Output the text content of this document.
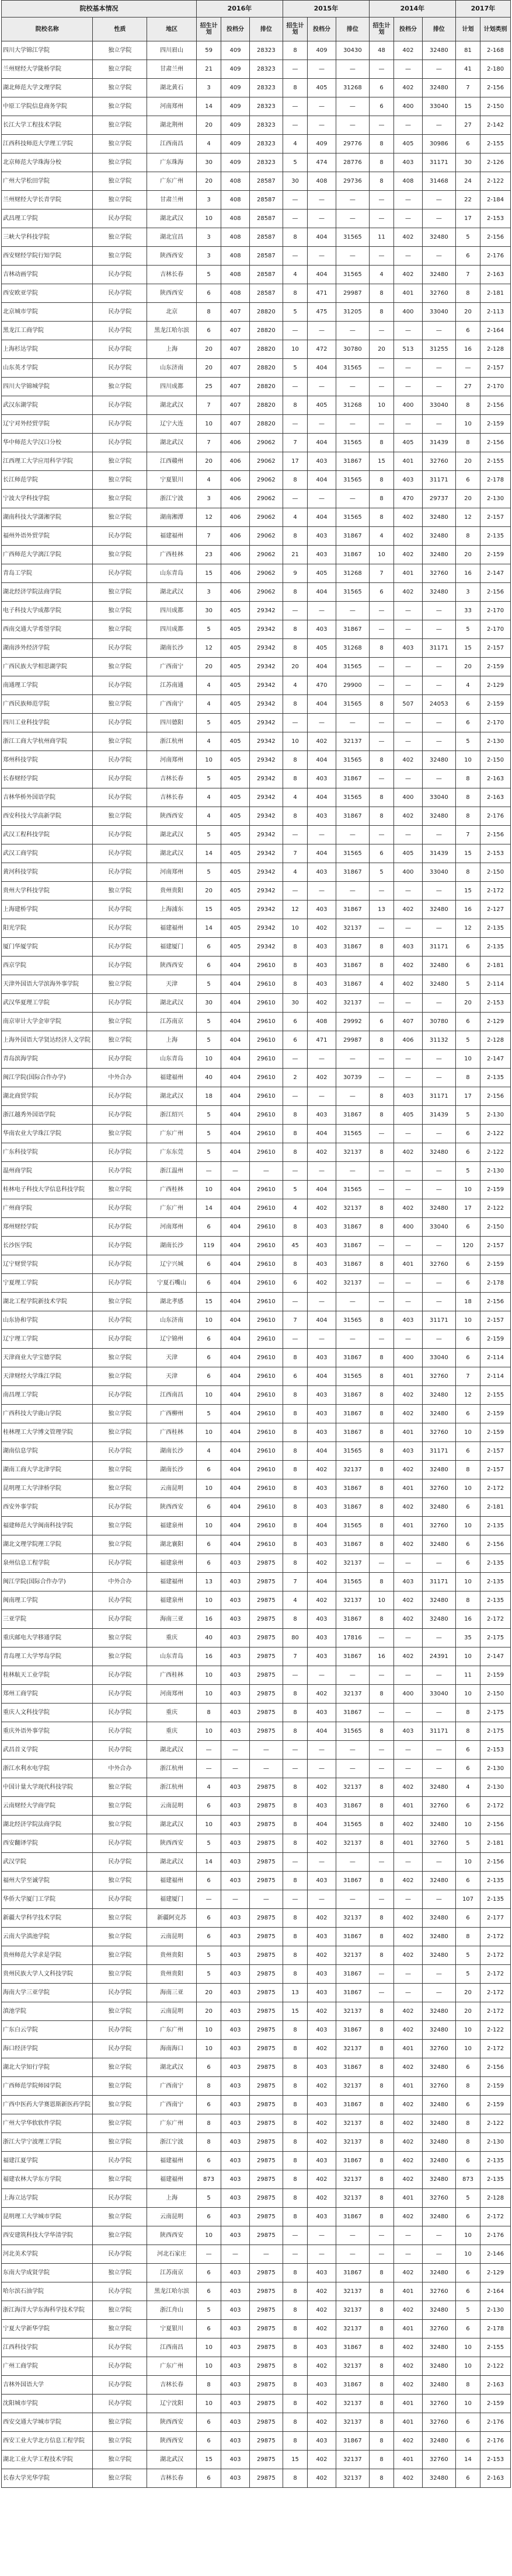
院校基本情况			2016年			2015年			2014年			2017年	
院校名称	性质	地区	招生计划	投档分	排位	招生计划	投档分	排位	招生计划	投档分	排位	计划	计划类别
四川大学锦江学院	独立学院	四川眉山	59	409	28323	8	409	30430	48	402	32480	81	2-168
兰州财经大学陇桥学院	独立学院	甘肃兰州	21	409	28323	—	—	—	—	—	—	41	2-180
湖北师范大学文理学院	独立学院	湖北黄石	3	409	28323	8	405	31268	6	402	32480	7	2-156
中原工学院信息商务学院	独立学院	河南郑州	14	409	28323	—	—	—	6	400	33040	15	2-150
长江大学工程技术学院	独立学院	湖北荆州	20	409	28323	—	—	—	—	—	—	27	2-142
江西科技师范大学理工学院	独立学院	江西南昌	4	409	28323	4	409	29776	8	405	30986	6	2-155
北京师范大学珠海分校	独立学院	广东珠海	30	409	28323	5	474	28776	8	403	31171	30	2-126
广州大学松田学院	独立学院	广东广州	20	408	28587	30	408	29736	8	408	31468	24	2-122
兰州财经大学长青学院	独立学院	甘肃兰州	3	408	28587	—	—	—	—	—	—	22	2-184
武昌理工学院	民办学院	湖北武汉	10	408	28587	—	—	—	—	—	—	17	2-153
三峡大学科技学院	独立学院	湖北宜昌	3	408	28587	8	404	31565	11	402	32480	5	2-156
西安财经学院行知学院	独立学院	陕西西安	3	408	28587	—	—	—	—	—	—	6	2-176
吉林动画学院	民办学院	吉林长春	5	408	28587	4	404	31565	4	402	32480	7	2-163
西安欧亚学院	民办学院	陕西西安	6	408	28587	8	471	29987	8	401	32760	8	2-181
北京城市学院	民办学院	北京	8	407	28820	5	475	31205	8	400	33040	20	2-113
黑龙江工商学院	民办学院	黑龙江哈尔滨	6	407	28820	—	—	—	—	—	—	6	2-164
上海杉达学院	民办学院	上海	20	407	28820	10	472	30780	20	513	31255	16	2-128
山东英才学院	民办学院	山东济南	20	407	28820	5	404	31565	—	—	—	—	2-157
四川大学锦城学院	独立学院	四川成都	25	407	28820	—	—	—	—	—	—	27	2-170
武汉东湖学院	民办学院	湖北武汉	7	407	28820	8	405	31268	10	400	33040	8	2-156
辽宁对外经贸学院	民办学院	辽宁大连	10	407	28820	—	—	—	—	—	—	10	2-159
华中师范大学汉口分校	民办学院	湖北武汉	7	406	29062	7	404	31565	8	405	31439	8	2-156
江西理工大学应用科学学院	独立学院	江西赣州	20	406	29062	17	403	31867	15	401	32760	20	2-155
长江师范学院	独立学院	宁夏银川	4	406	29062	8	404	31565	8	403	31171	6	2-178
宁波大学科技学院	独立学院	浙江宁波	3	406	29062	—	—	—	8	470	29737	20	2-130
湖南科技大学潇湘学院	独立学院	湖南湘潭	12	406	29062	4	404	31565	8	402	32480	12	2-157
福州外语外贸学院	民办学院	福建福州	7	406	29062	8	403	31867	4	402	32480	8	2-135
广西师范大学漓江学院	独立学院	广西桂林	23	406	29062	21	403	31867	10	402	32480	20	2-159
青岛工学院	民办学院	山东青岛	15	406	29062	9	405	31268	7	401	32760	16	2-147
湖北经济学院法商学院	独立学院	湖北武汉	3	406	29062	8	404	31565	6	402	32480	3	2-156
电子科技大学成都学院	独立学院	四川成都	30	405	29342	—	—	—	—	—	—	33	2-170
西南交通大学希望学院	独立学院	四川成都	5	405	29342	8	403	31867	—	—	—	5	2-170
湖南涉外经济学院	民办学院	湖南长沙	12	405	29342	8	405	31268	8	403	31171	15	2-157
广西民族大学相思湖学院	独立学院	广西南宁	20	405	29342	20	404	31565	—	—	—	20	2-159
南通理工学院	民办学院	江苏南通	4	405	29342	4	470	29900	—	—	—	4	2-129
广西民族师范学院	独立学院	广西南宁	4	405	29342	8	404	31565	8	507	24053	6	2-159
四川工业科技学院	民办学院	四川德阳	5	405	29342	—	—	—	—	—	—	6	2-170
浙江工商大学杭州商学院	独立学院	浙江杭州	4	405	29342	10	402	32137	—	—	—	5	2-130
郑州科技学院	民办学院	河南郑州	10	405	29342	8	404	31565	8	402	32480	10	2-150
长春财经学院	民办学院	吉林长春	5	405	29342	8	403	31867	—	—	—	8	2-163
吉林华桥外国语学院	民办学院	吉林长春	4	405	29342	4	404	31565	8	400	33040	8	2-163
西安科技大学高新学院	独立学院	陕西西安	4	405	29342	8	403	31867	8	402	32480	8	2-176
武汉工程科技学院	民办学院	湖北武汉	5	405	29342	—	—	—	—	—	—	7	2-156
武汉工商学院	民办学院	湖北武汉	14	405	29342	7	404	31565	6	405	31439	15	2-153
黄河科技学院	民办学院	河南郑州	5	405	29342	4	403	31867	5	400	33040	8	2-150
贵州大学科技学院	独立学院	贵州贵阳	20	405	29342	—	—	—	—	—	—	15	2-172
上海建桥学院	民办学院	上海浦东	15	405	29342	12	403	31867	13	402	32480	16	2-127
阳光学院	民办学院	福建福州	14	405	29342	10	402	32137	—	—	—	12	2-135
厦门华厦学院	民办学院	福建厦门	6	405	29342	8	403	31867	8	403	31171	6	2-135
西京学院	民办学院	陕西西安	6	404	29610	8	403	31867	8	402	32480	6	2-181
天津外国语大学滨海外事学院	独立学院	天津	5	404	29610	8	403	31867	4	402	32480	5	2-114
武汉华夏理工学院	民办学院	湖北武汉	30	404	29610	30	402	32137	—	—	—	20	2-153
南京审计大学金审学院	独立学院	江苏南京	5	404	29610	6	408	29992	6	407	30780	6	2-129
上海外国语大学贤达经济人文学院	独立学院	上海	5	404	29610	6	471	29987	8	406	31132	5	2-128
青岛滨海学院	民办学院	山东青岛	10	404	29610	—	—	—	—	—	—	10	2-147
闽江学院(国际合作办学)	中外合办	福建福州	40	404	29610	2	402	30739	—	—	—	8	2-135
湖北商贸学院	民办学院	湖北武汉	18	404	29610	—	—	—	8	403	31171	17	2-156
浙江越秀外国语学院	民办学院	浙江绍兴	5	404	29610	8	403	31867	8	405	31439	5	2-130
华南农业大学珠江学院	独立学院	广东广州	5	404	29610	8	404	31565	—	—	—	6	2-122
广东科技学院	民办学院	广东东莞	5	404	29610	8	402	32137	8	402	32480	6	2-122
温州商学院	民办学院	浙江温州	—	—	—	—	—	—	—	—	—	5	2-130
桂林电子科技大学信息科技学院	独立学院	广西桂林	10	404	29610	5	404	31565	—	—	—	10	2-159
广州商学院	民办学院	广东广州	14	404	29610	4	402	32137	8	402	32480	17	2-122
郑州财经学院	民办学院	河南郑州	6	404	29610	8	403	31867	8	400	33040	6	2-150
长沙医学院	民办学院	湖南长沙	119	404	29610	45	403	31867	—	—	—	120	2-157
辽宁财贸学院	民办学院	辽宁兴城	6	404	29610	8	403	31867	8	401	32760	6	2-159
宁夏理工学院	民办学院	宁夏石嘴山	6	404	29610	6	402	32137	—	—	—	6	2-178
湖北工程学院新技术学院	独立学院	湖北孝感	15	404	29610	—	—	—	—	—	—	18	2-156
山东协和学院	民办学院	山东济南	10	404	29610	7	404	31565	8	403	31171	10	2-157
辽宁理工学院	民办学院	辽宁锦州	6	404	29610	—	—	—	—	—	—	6	2-159
天津商业大学宝德学院	独立学院	天津	6	404	29610	8	403	31867	8	400	33040	6	2-114
天津财经大学珠江学院	独立学院	天津	6	404	29610	6	404	31565	8	401	32760	7	2-114
南昌理工学院	民办学院	江西南昌	10	404	29610	8	403	31867	8	402	32480	12	2-155
广西科技大学鹿山学院	独立学院	广西柳州	5	404	29610	8	403	31867	8	402	32480	6	2-159
桂林理工大学博文管理学院	独立学院	广西桂林	10	404	29610	8	403	31867	8	401	32760	10	2-159
湖南信息学院	民办学院	湖南长沙	4	404	29610	8	404	31565	8	403	31171	6	2-157
湖南工商大学北津学院	独立学院	湖南长沙	6	404	29610	8	402	32137	8	402	32480	8	2-157
昆明理工大学津桥学院	独立学院	云南昆明	10	404	29610	8	403	31867	8	401	32760	10	2-172
西安外事学院	民办学院	陕西西安	6	404	29610	8	403	31867	8	402	32480	6	2-181
福建师范大学闽南科技学院	独立学院	福建泉州	10	404	29610	8	404	31565	8	401	32760	10	2-135
湖北文理学院理工学院	独立学院	湖北襄阳	6	404	29610	8	403	31867	8	402	32480	6	2-156
泉州信息工程学院	民办学院	福建泉州	6	403	29875	8	402	32137	—	—	—	6	2-135
闽江学院(国际合作办学)	中外合办	福建福州	13	403	29875	7	404	31565	8	403	31171	10	2-135
闽南理工学院	民办学院	福建泉州	10	403	29875	4	402	32137	10	402	32480	8	2-135
三亚学院	民办学院	海南三亚	16	403	29875	8	403	31867	8	402	32480	16	2-172
重庆邮电大学移通学院	独立学院	重庆	40	403	29875	80	403	17816	—	—	—	35	2-175
青岛理工大学琴岛学院	独立学院	山东青岛	16	403	29875	7	403	31867	16	402	24391	10	2-147
桂林航天工业学院	民办学院	广西桂林	10	403	29875	—	—	—	—	—	—	11	2-159
郑州工商学院	民办学院	河南郑州	10	403	29875	8	402	32137	8	400	33040	10	2-150
重庆人文科技学院	民办学院	重庆	8	403	29875	8	403	31867	—	—	—	8	2-175
重庆外语外事学院	民办学院	重庆	10	403	29875	8	404	31565	8	403	31171	8	2-175
武昌首义学院	民办学院	湖北武汉	—	—	—	—	—	—	—	—	—	6	2-153
浙江水利水电学院	中外合办	浙江杭州	—	—	—	—	—	—	—	—	—	6	2-130
中国计量大学现代科技学院	独立学院	浙江杭州	4	403	29875	8	402	32137	8	402	32480	4	2-130
云南财经大学商学院	独立学院	云南昆明	6	403	29875	8	403	31867	8	401	32760	6	2-172
湖北经济学院法商学院	独立学院	湖北武汉	10	403	29875	8	404	31565	8	402	32480	10	2-156
西安翻译学院	民办学院	陕西西安	5	403	29875	8	402	32137	8	401	32760	5	2-181
武汉学院	民办学院	湖北武汉	14	403	29875	—	—	—	—	—	—	10	2-156
福州大学至诚学院	独立学院	福建福州	6	403	29875	8	403	31867	8	402	32480	6	2-135
华侨大学厦门工学院	民办学院	福建厦门	—	—	—	—	—	—	—	—	—	107	2-135
新疆大学科学技术学院	独立学院	新疆阿克苏	6	403	29875	8	402	32137	8	402	32480	6	2-177
云南大学滇池学院	独立学院	云南昆明	6	403	29875	8	403	31867	8	402	32480	8	2-172
贵州师范大学求是学院	独立学院	贵州贵阳	5	403	29875	8	402	32137	8	402	32480	5	2-172
贵州民族大学人文科技学院	独立学院	贵州贵阳	5	403	29875	8	403	31867	—	—	—	5	2-172
海南大学三亚学院	民办学院	海南三亚	20	403	29875	13	403	31867	—	—	—	20	2-172
滇池学院	独立学院	云南昆明	20	403	29875	15	402	32137	8	402	32480	20	2-172
广东白云学院	民办学院	广东广州	10	403	29875	8	403	31867	8	402	32480	10	2-122
海口经济学院	民办学院	海南海口	10	403	29875	8	402	32137	8	401	32760	10	2-172
湖北大学知行学院	独立学院	湖北武汉	6	403	29875	8	403	31867	8	402	32480	6	2-156
广西师范学院师园学院	独立学院	广西南宁	8	403	29875	8	402	32137	8	401	32760	8	2-159
广西中医药大学赛恩斯新医药学院	独立学院	广西南宁	6	403	29875	8	403	31867	8	402	32480	6	2-159
广州大学华软软件学院	独立学院	广东广州	8	403	29875	8	402	32137	8	402	32480	8	2-122
浙江大学宁波理工学院	独立学院	浙江宁波	8	403	29875	8	402	32137	8	402	32480	8	2-130
福建江夏学院	民办学院	福建福州	6	403	29875	8	403	31867	8	402	32480	6	2-135
福建农林大学东方学院	独立学院	福建福州	873	403	29875	8	402	32137	8	402	32480	873	2-135
上海立达学院	民办学院	上海	5	403	29875	8	402	32137	8	401	32760	5	2-128
昆明理工大学城市学院	独立学院	云南昆明	6	403	29875	8	403	31867	8	402	32480	6	2-172
西安建筑科技大学华清学院	独立学院	陕西西安	10	403	29875	—	—	—	—	—	—	10	2-176
河北美术学院	民办学院	河北石家庄	—	—	—	—	—	—	—	—	—	10	2-146
东南大学成贤学院	独立学院	江苏南京	6	403	29875	8	403	31867	8	402	32480	6	2-129
哈尔滨石油学院	民办学院	黑龙江哈尔滨	6	403	29875	8	402	32137	8	401	32760	6	2-164
浙江海洋大学东海科学技术学院	独立学院	浙江舟山	5	403	29875	8	402	32137	8	402	32480	5	2-130
宁夏大学新华学院	独立学院	宁夏银川	6	403	29875	8	402	32137	8	401	32760	6	2-178
江西科技学院	民办学院	江西南昌	10	403	29875	8	403	31867	8	402	32480	10	2-155
广州工商学院	民办学院	广东广州	10	403	29875	8	402	32137	8	402	32480	10	2-122
吉林外国语大学	民办学院	吉林长春	8	403	29875	8	403	31867	8	402	32480	8	2-163
沈阳城市学院	民办学院	辽宁沈阳	10	403	29875	8	402	32137	8	401	32760	10	2-159
西安交通大学城市学院	独立学院	陕西西安	6	403	29875	8	402	32137	8	401	32760	6	2-176
西安工业大学北方信息工程学院	独立学院	陕西西安	6	403	29875	8	403	31867	8	402	32480	6	2-176
湖北工业大学工程技术学院	独立学院	湖北武汉	15	403	29875	15	402	32137	8	401	32760	14	2-153
长春大学光华学院	独立学院	吉林长春	6	403	29875	8	402	32137	8	402	32480	6	2-163
